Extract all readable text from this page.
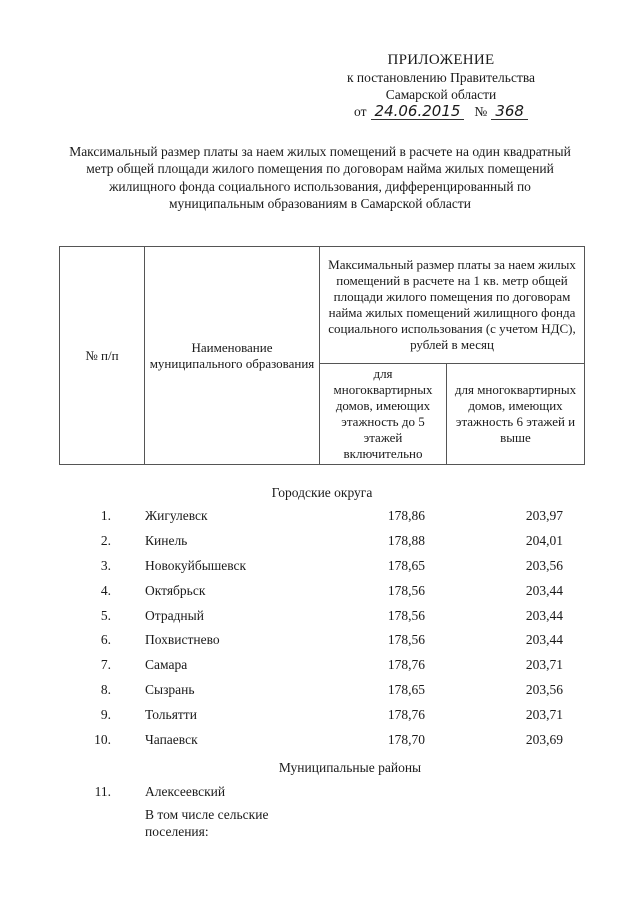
ПРИЛОЖЕНИЕ
к постановлению Правительства
Самарской области
от 24.06.2015 № 368
Максимальный размер платы за наем жилых помещений в расчете на один квадратный метр общей площади жилого помещения по договорам найма жилых помещений жилищного фонда социального использования, дифференцированный по муниципальным образованиям в Самарской области
№ п/п	Наименование муниципального образования	Максимальный размер платы за наем жилых помещений в расчете на 1 кв. метр общей площади жилого помещения по договорам найма жилых помещений жилищного фонда социального использования (с учетом НДС), рублей в месяц	
		для многоквартирных домов, имеющих этажность до 5 этажей включительно	для многоквартирных домов, имеющих этажность 6 этажей и выше
Городские округа
1.	Жигулевск	178,86	203,97
2.	Кинель	178,88	204,01
3.	Новокуйбышевск	178,65	203,56
4.	Октябрьск	178,56	203,44
5.	Отрадный	178,56	203,44
6.	Похвистнево	178,56	203,44
7.	Самара	178,76	203,71
8.	Сызрань	178,65	203,56
9.	Тольятти	178,76	203,71
10.	Чапаевск	178,70	203,69
Муниципальные районы
11.	Алексеевский
В том числе сельские поселения:
